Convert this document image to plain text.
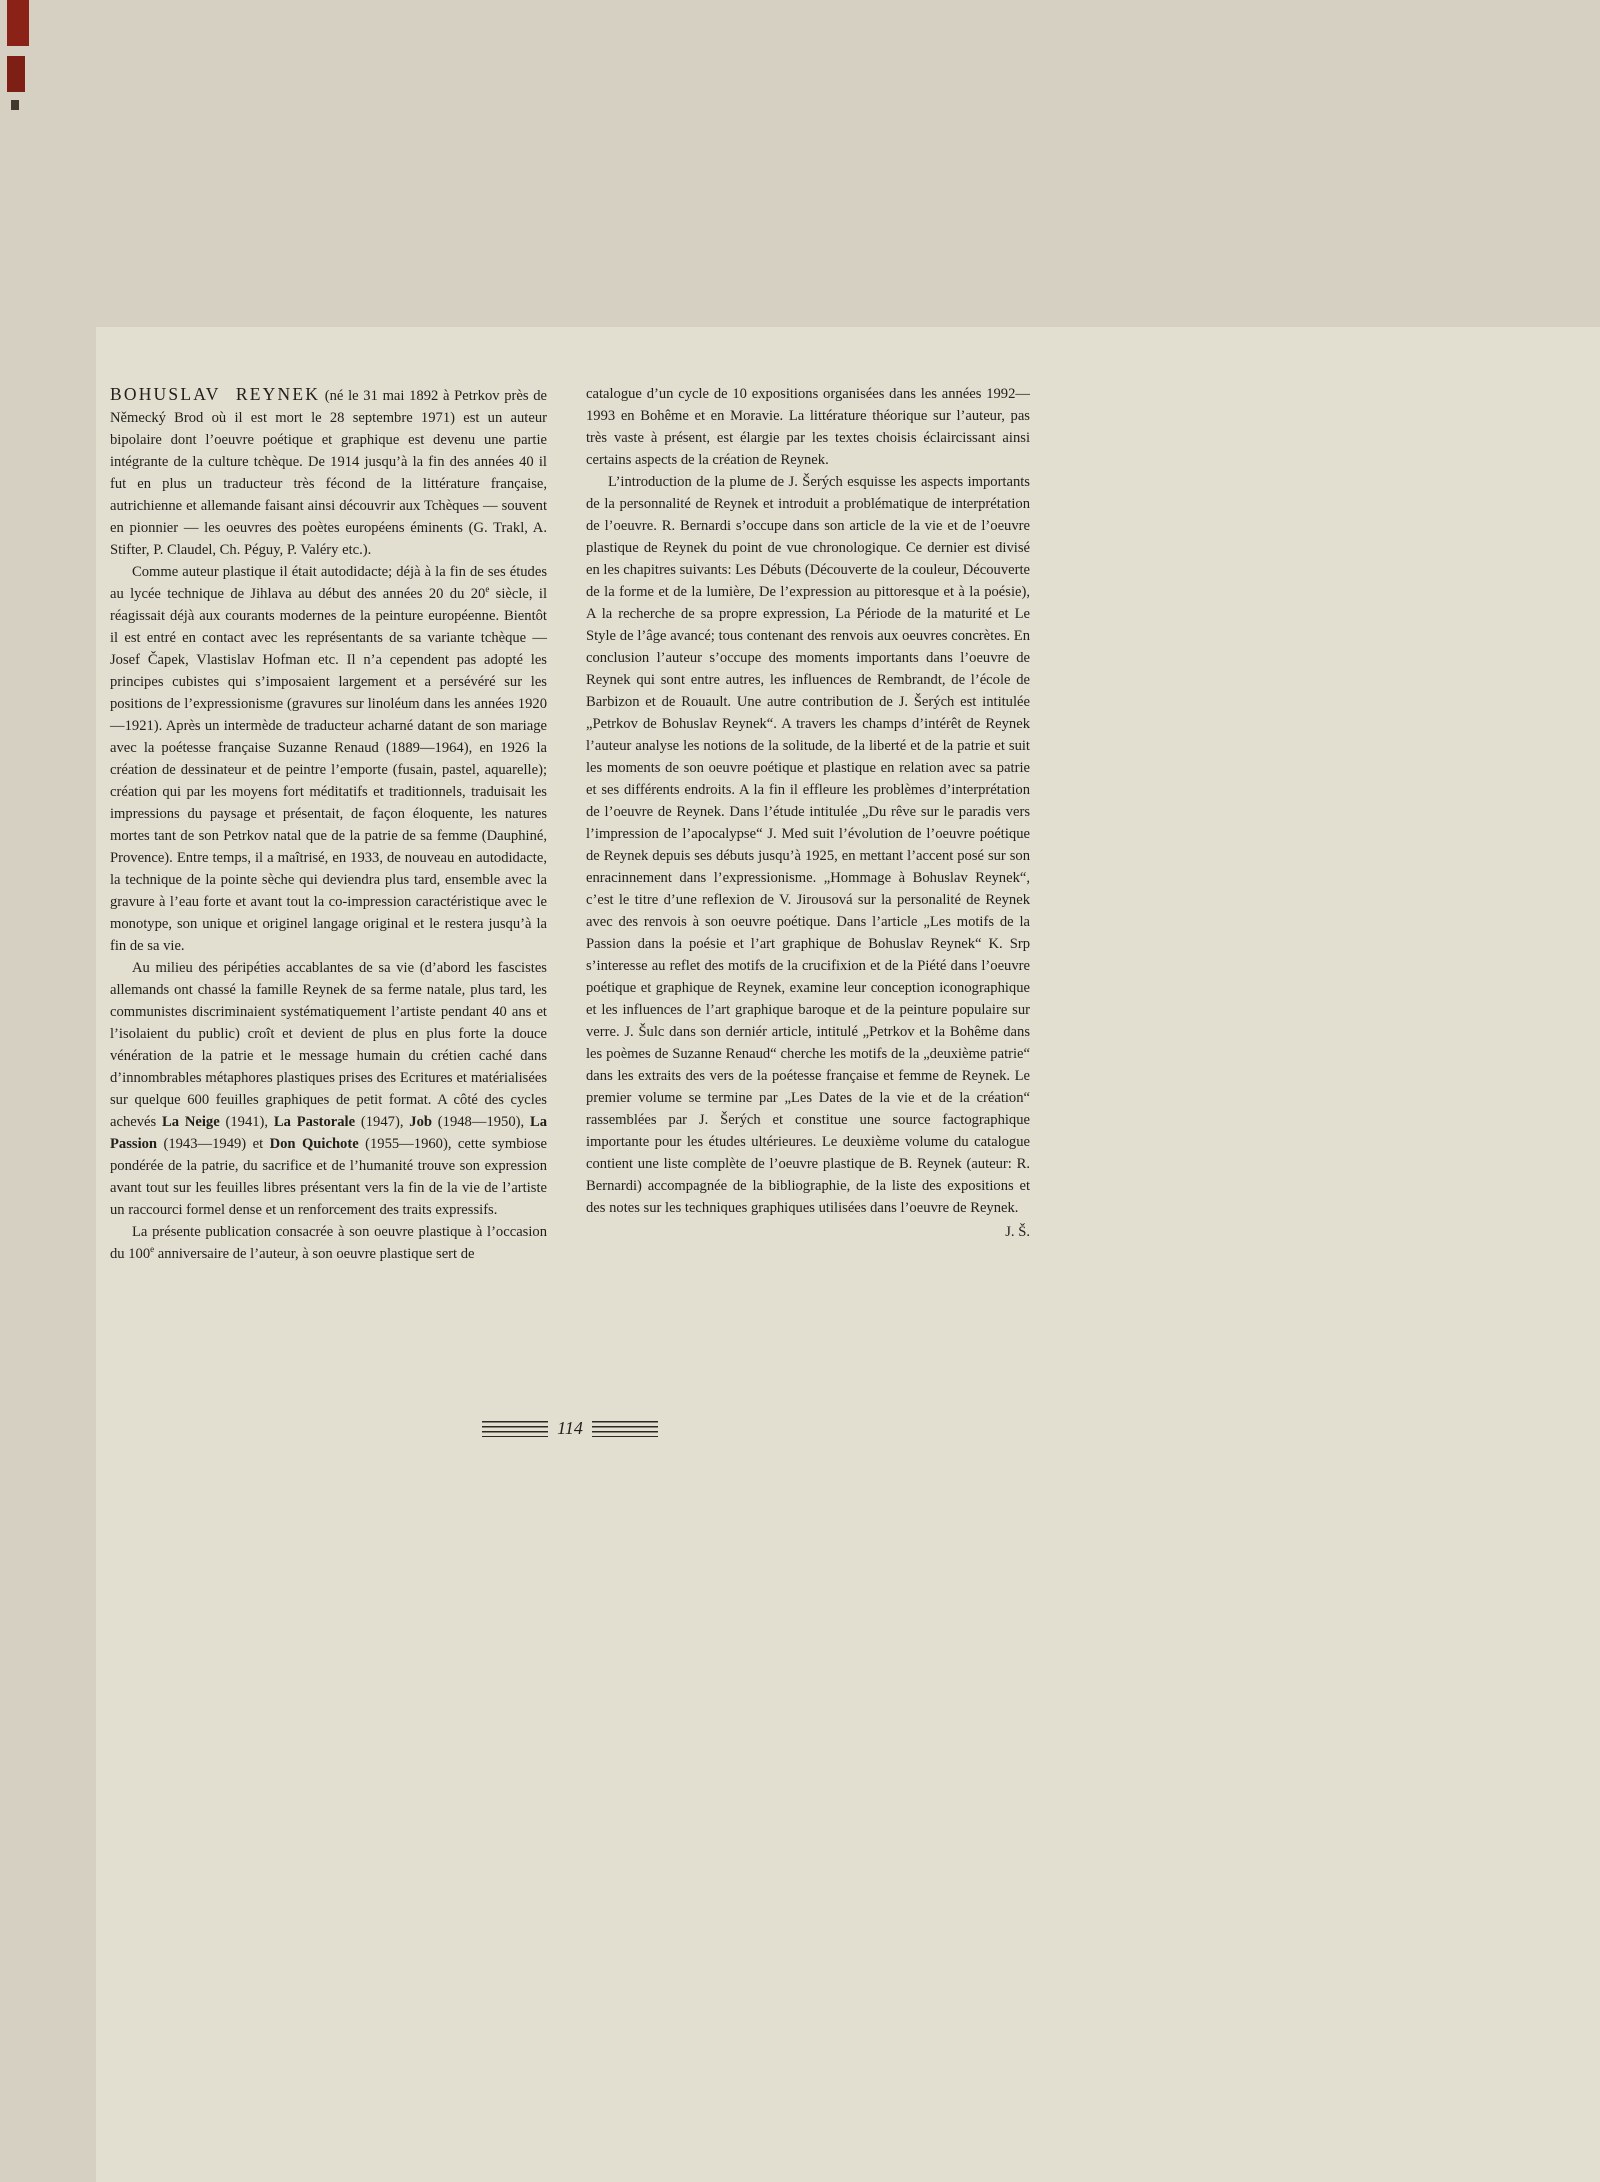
BOHUSLAV REYNEK (né le 31 mai 1892 à Petrkov près de Německý Brod où il est mort le 28 septembre 1971) est un auteur bipolaire dont l’oeuvre poétique et graphique est devenu une partie intégrante de la culture tchèque. De 1914 jusqu’à la fin des années 40 il fut en plus un traducteur très fécond de la littérature française, autrichienne et allemande faisant ainsi découvrir aux Tchèques — souvent en pionnier — les oeuvres des poètes européens éminents (G. Trakl, A. Stifter, P. Claudel, Ch. Péguy, P. Valéry etc.).

Comme auteur plastique il était autodidacte; déjà à la fin de ses études au lycée technique de Jihlava au début des années 20 du 20e siècle, il réagissait déjà aux courants modernes de la peinture européenne. Bientôt il est entré en contact avec les représentants de sa variante tchèque — Josef Čapek, Vlastislav Hofman etc. Il n’a cependent pas adopté les principes cubistes qui s’imposaient largement et a persévéré sur les positions de l’expressionisme (gravures sur linoléum dans les années 1920—1921). Après un intermède de traducteur acharné datant de son mariage avec la poétesse française Suzanne Renaud (1889—1964), en 1926 la création de dessinateur et de peintre l’emporte (fusain, pastel, aquarelle); création qui par les moyens fort méditatifs et traditionnels, traduisait les impressions du paysage et présentait, de façon éloquente, les natures mortes tant de son Petrkov natal que de la patrie de sa femme (Dauphiné, Provence). Entre temps, il a maîtrisé, en 1933, de nouveau en autodidacte, la technique de la pointe sèche qui deviendra plus tard, ensemble avec la gravure à l’eau forte et avant tout la co-impression caractéristique avec le monotype, son unique et originel langage original et le restera jusqu’à la fin de sa vie.

Au milieu des péripéties accablantes de sa vie (d’abord les fascistes allemands ont chassé la famille Reynek de sa ferme natale, plus tard, les communistes discriminaient systématiquement l’artiste pendant 40 ans et l’isolaient du public) croît et devient de plus en plus forte la douce vénération de la patrie et le message humain du crétien caché dans d’innombrables métaphores plastiques prises des Ecritures et matérialisées sur quelque 600 feuilles graphiques de petit format. A côté des cycles achevés La Neige (1941), La Pastorale (1947), Job (1948—1950), La Passion (1943—1949) et Don Quichote (1955—1960), cette symbiose pondérée de la patrie, du sacrifice et de l’humanité trouve son expression avant tout sur les feuilles libres présentant vers la fin de la vie de l’artiste un raccourci formel dense et un renforcement des traits expressifs.

La présente publication consacrée à son oeuvre plastique à l’occasion du 100e anniversaire de l’auteur, à son oeuvre plastique sert de

catalogue d’un cycle de 10 expositions organisées dans les années 1992—1993 en Bohême et en Moravie. La littérature théorique sur l’auteur, pas très vaste à présent, est élargie par les textes choisis éclaircissant ainsi certains aspects de la création de Reynek.

L’introduction de la plume de J. Šerých esquisse les aspects importants de la personnalité de Reynek et introduit a problématique de interprétation de l’oeuvre. R. Bernardi s’occupe dans son article de la vie et de l’oeuvre plastique de Reynek du point de vue chronologique. Ce dernier est divisé en les chapitres suivants: Les Débuts (Découverte de la couleur, Découverte de la forme et de la lumière, De l’expression au pittoresque et à la poésie), A la recherche de sa propre expression, La Période de la maturité et Le Style de l’âge avancé; tous contenant des renvois aux oeuvres concrètes. En conclusion l’auteur s’occupe des moments importants dans l’oeuvre de Reynek qui sont entre autres, les influences de Rembrandt, de l’école de Barbizon et de Rouault. Une autre contribution de J. Šerých est intitulée „Petrkov de Bohuslav Reynek“. A travers les champs d’intérêt de Reynek l’auteur analyse les notions de la solitude, de la liberté et de la patrie et suit les moments de son oeuvre poétique et plastique en relation avec sa patrie et ses différents endroits. A la fin il effleure les problèmes d’interprétation de l’oeuvre de Reynek. Dans l’étude intitulée „Du rêve sur le paradis vers l’impression de l’apocalypse“ J. Med suit l’évolution de l’oeuvre poétique de Reynek depuis ses débuts jusqu’à 1925, en mettant l’accent posé sur son enracinnement dans l’expressionisme. „Hommage à Bohuslav Reynek“, c’est le titre d’une reflexion de V. Jirousová sur la personalité de Reynek avec des renvois à son oeuvre poétique. Dans l’article „Les motifs de la Passion dans la poésie et l’art graphique de Bohuslav Reynek“ K. Srp s’interesse au reflet des motifs de la crucifixion et de la Piété dans l’oeuvre poétique et graphique de Reynek, examine leur conception iconographique et les influences de l’art graphique baroque et de la peinture populaire sur verre. J. Šulc dans son derniér article, intitulé „Petrkov et la Bohême dans les poèmes de Suzanne Renaud“ cherche les motifs de la „deuxième patrie“ dans les extraits des vers de la poétesse française et femme de Reynek. Le premier volume se termine par „Les Dates de la vie et de la création“ rassemblées par J. Šerých et constitue une source factographique importante pour les études ultérieures. Le deuxième volume du catalogue contient une liste complète de l’oeuvre plastique de B. Reynek (auteur: R. Bernardi) accompagnée de la bibliographie, de la liste des expositions et des notes sur les techniques graphiques utilisées dans l’oeuvre de Reynek.

J. Š.

114
